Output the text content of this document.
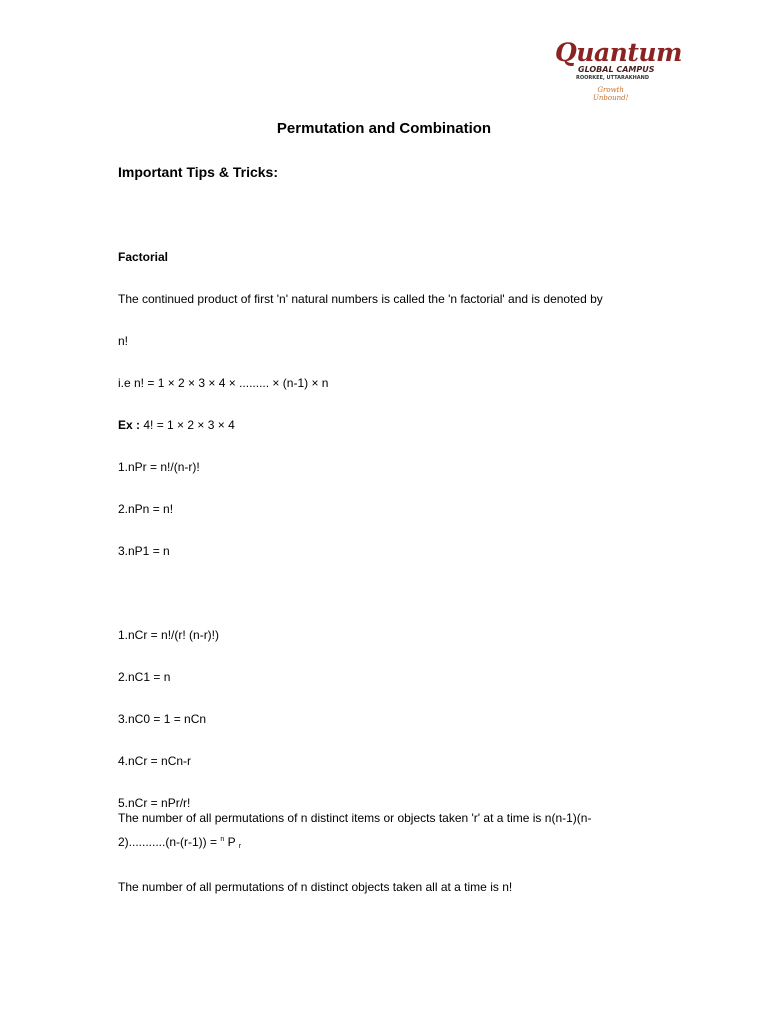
Quantum
GLOBAL CAMPUS
ROORKEE, UTTARAKHAND
Growth
Unbound!
Permutation and Combination
Important Tips & Tricks:
Factorial
The continued product of first 'n' natural numbers is called the 'n factorial' and is denoted by
n!
i.e n! = 1 × 2 × 3 × 4 × ......... × (n-1) × n
Ex : 4! = 1 × 2 × 3 × 4
1.nPr = n!/(n-r)!
2.nPn = n!
3.nP1 = n
1.nCr = n!/(r! (n-r)!)
2.nC1 = n
3.nC0 = 1 = nCn
4.nCr = nCn-r
5.nCr = nPr/r!
The number of all permutations of n distinct items or objects taken 'r' at a time is n(n-1)(n-
2)...........(n-(r-1)) = $^n$ P $_r$
The number of all permutations of n distinct objects taken all at a time is n!
